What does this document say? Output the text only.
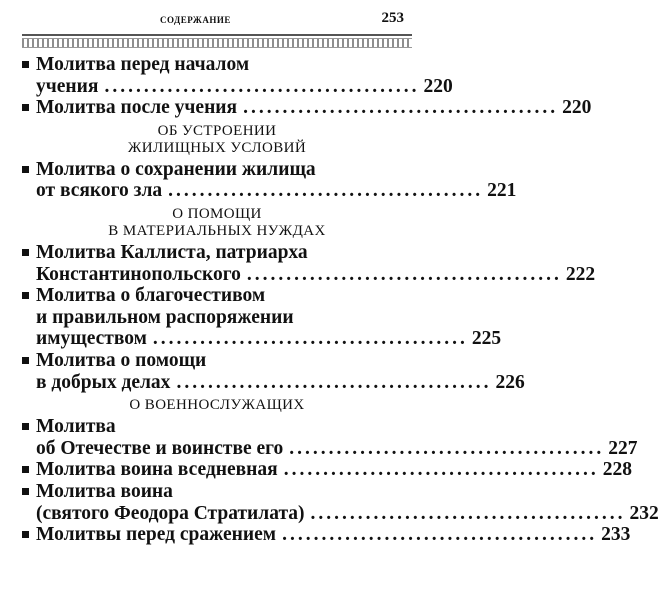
содержание	253
Молитва перед началом
учения ........................................ 220
Молитва после учения ........................................ 220
ОБ УСТРОЕНИИ
ЖИЛИЩНЫХ УСЛОВИЙ
Молитва о сохранении жилища
от всякого зла ........................................ 221
О ПОМОЩИ
В МАТЕРИАЛЬНЫХ НУЖДАХ
Молитва Каллиста, патриарха
Константинопольского ........................................ 222
Молитва о благочестивом
и правильном распоряжении
имуществом ........................................ 225
Молитва о помощи
в добрых делах ........................................ 226
О ВОЕННОСЛУЖАЩИХ
Молитва
об Отечестве и воинстве его ........................................ 227
Молитва воина вседневная ........................................ 228
Молитва воина
(святого Феодора Стратилата) ........................................ 232
Молитвы перед сражением ........................................ 233
